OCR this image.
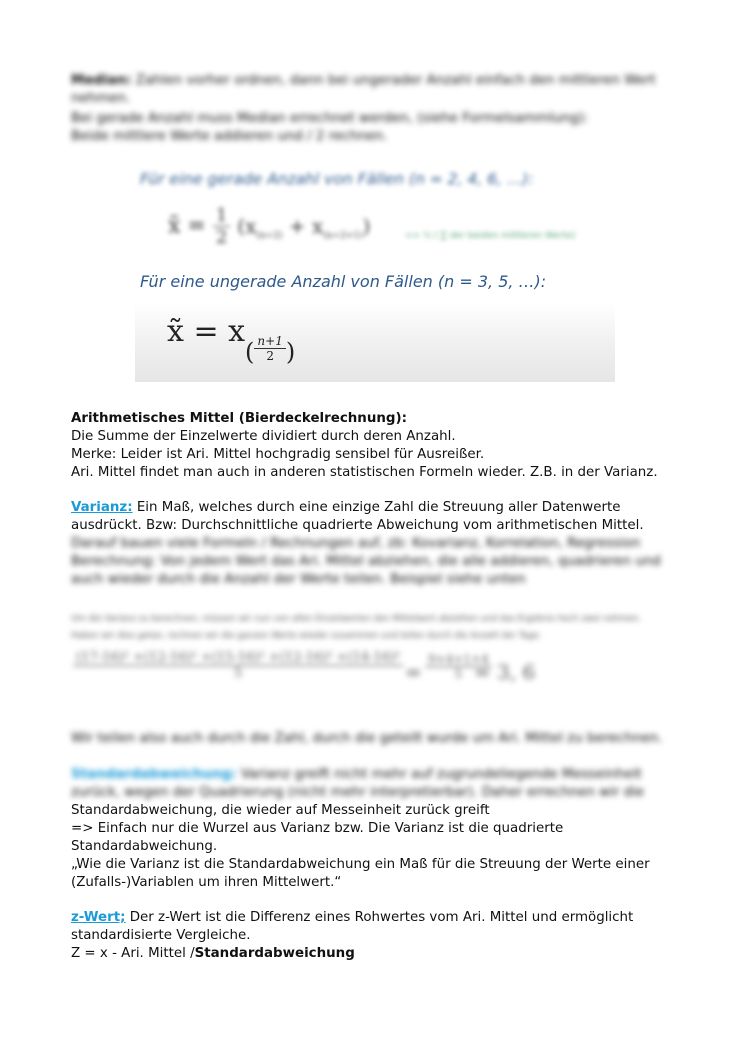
Median: Zahlen vorher ordnen, dann bei ungerader Anzahl einfach den mittleren Wert nehmen.

Bei gerade Anzahl muss Median errechnet werden, (siehe Formelsammlung):

Beide mittlere Werte addieren und / 2 rechnen.

Für eine gerade Anzahl von Fällen (n = 2, 4, 6, …):
x̃ = $\frac{1}{2} (x_{(n\div 2)} + x_{(n\div 2+1)})$	<= ½ ( ∑ der beiden mittleren Werte)
Für eine ungerade Anzahl von Fällen (n = 3, 5, …):
x̃ = $x( \frac{n+1}{2}$ )

Arithmetisches Mittel (Bierdeckelrechnung):

Die Summe der Einzelwerte dividiert durch deren Anzahl.

Merke: Leider ist Ari. Mittel hochgradig sensibel für Ausreißer.

Ari. Mittel findet man auch in anderen statistischen Formeln wieder. Z.B. in der Varianz.

Varianz: Ein Maß, welches durch eine einzige Zahl die Streuung aller Datenwerte

ausdrückt. Bzw: Durchschnittliche quadrierte Abweichung vom arithmetischen Mittel.

Darauf bauen viele Formeln / Rechnungen auf, zb: Kovarianz, Korrelation, Regression

Berechnung: Von jedem Wert das Ari. Mittel abziehen, die alle addieren, quadrieren und

auch wieder durch die Anzahl der Werte teilen. Beispiel siehe unten

Um die Varianz zu berechnen, müssen wir nun von allen Einzelwerten den Mittelwert abziehen und das Ergebnis hoch zwei nehmen.

Haben wir dies getan, rechnen wir die ganzen Werte wieder zusammen und teilen durch die Anzahl der Tage.

$\frac{\text{(17-16)² +(12-16)² +(15-16)² +(12-16)² +(14-16)²}}{5} = \frac{9+4+1+4}{5}$
= 3, 6

Wir teilen also auch durch die Zahl, durch die geteilt wurde um Ari. Mittel zu berechnen.

Standardabweichung: Varianz greift nicht mehr auf zugrundeliegende Messeinheit

zurück, wegen der Quadrierung (nicht mehr interpretierbar). Daher errechnen wir die

Standardabweichung, die wieder auf Messeinheit zurück greift

=> Einfach nur die Wurzel aus Varianz bzw. Die Varianz ist die quadrierte

Standardabweichung.

„Wie die Varianz ist die Standardabweichung ein Maß für die Streuung der Werte einer

(Zufalls-)Variablen um ihren Mittelwert.“

z-Wert; Der z-Wert ist die Differenz eines Rohwertes vom Ari. Mittel und ermöglicht

standardisierte Vergleiche.

Z = x - Ari. Mittel /Standardabweichung
